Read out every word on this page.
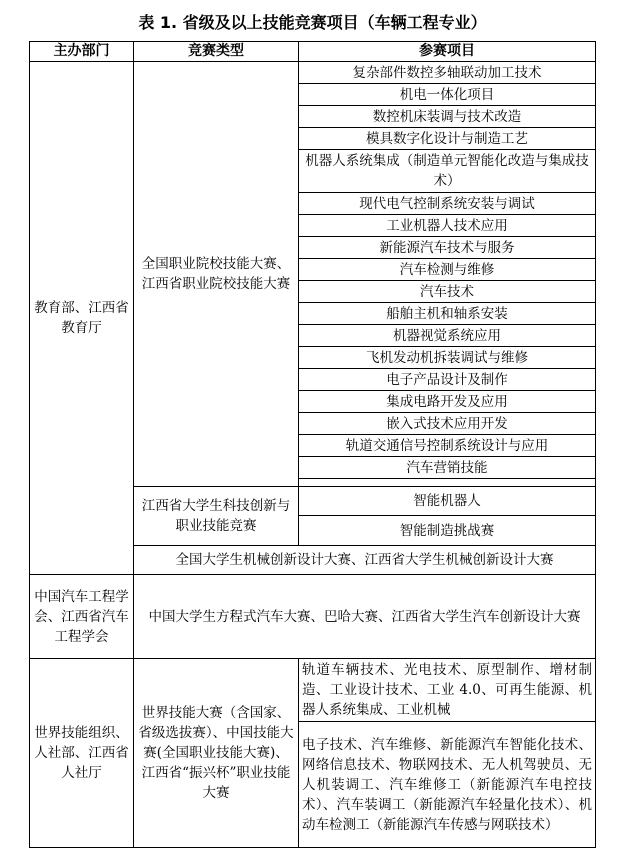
表 1. 省级及以上技能竞赛项目（车辆工程专业）
主办部门	竞赛类型	参赛项目
教育部、江西省教育厅	全国职业院校技能大赛、江西省职业院校技能大赛	复杂部件数控多轴联动加工技术
		机电一体化项目
		数控机床装调与技术改造
		模具数字化设计与制造工艺
		机器人系统集成（制造单元智能化改造与集成技术）
		现代电气控制系统安装与调试
		工业机器人技术应用
		新能源汽车技术与服务
		汽车检测与维修
		汽车技术
		船舶主机和轴系安装
		机器视觉系统应用
		飞机发动机拆装调试与维修
		电子产品设计及制作
		集成电路开发及应用
		嵌入式技术应用开发
		轨道交通信号控制系统设计与应用
		汽车营销技能

	江西省大学生科技创新与职业技能竞赛	智能机器人
		智能制造挑战赛
	全国大学生机械创新设计大赛、江西省大学生机械创新设计大赛	
中国汽车工程学会、江西省汽车工程学会	中国大学生方程式汽车大赛、巴哈大赛、江西省大学生汽车创新设计大赛	
世界技能组织、人社部、江西省人社厅	世界技能大赛（含国家、省级选拔赛）、中国技能大赛(全国职业技能大赛)、江西省“振兴杯”职业技能大赛	轨道车辆技术、光电技术、原型制作、增材制造、工业设计技术、工业 4.0、可再生能源、机器人系统集成、工业机械
		电子技术、汽车维修、新能源汽车智能化技术、网络信息技术、物联网技术、无人机驾驶员、无人机装调工、汽车维修工（新能源汽车电控技术）、汽车装调工（新能源汽车轻量化技术）、机动车检测工（新能源汽车传感与网联技术）
